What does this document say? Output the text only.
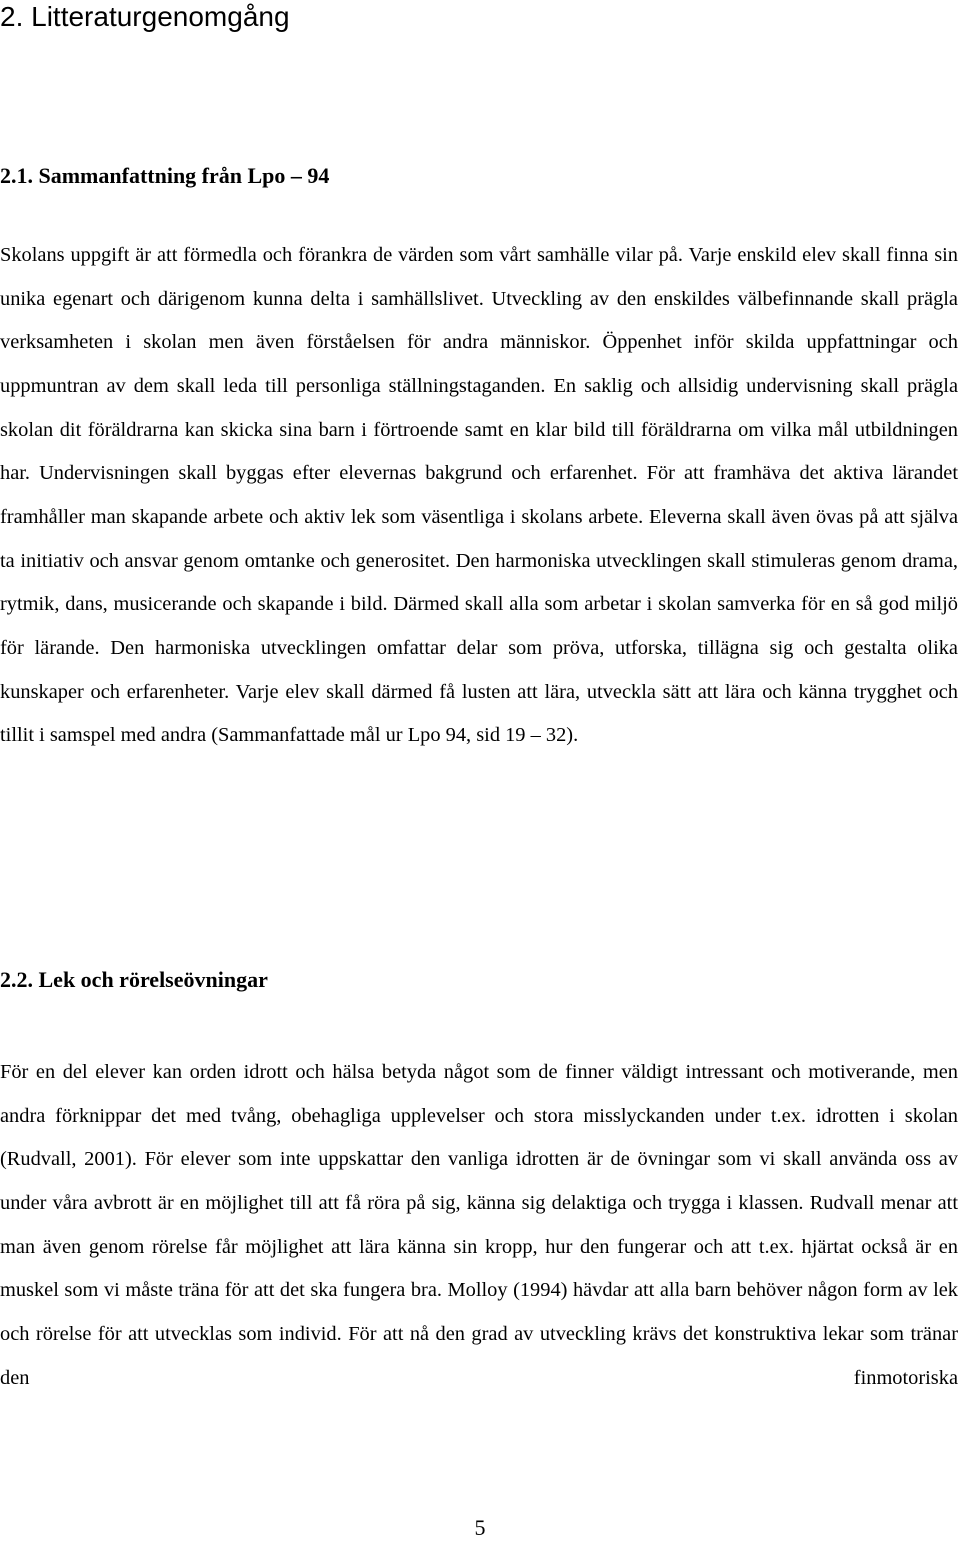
2. Litteraturgenomgång
2.1. Sammanfattning från Lpo – 94

Skolans uppgift är att förmedla och förankra de värden som vårt samhälle vilar på. Varje enskild elev skall finna sin unika egenart och därigenom kunna delta i samhällslivet. Utveckling av den enskildes välbefinnande skall prägla verksamheten i skolan men även förståelsen för andra människor. Öppenhet inför skilda uppfattningar och uppmuntran av dem skall leda till personliga ställningstaganden. En saklig och allsidig undervisning skall prägla skolan dit föräldrarna kan skicka sina barn i förtroende samt en klar bild till föräldrarna om vilka mål utbildningen har. Undervisningen skall byggas efter elevernas bakgrund och erfarenhet. För att framhäva det aktiva lärandet framhåller man skapande arbete och aktiv lek som väsentliga i skolans arbete. Eleverna skall även övas på att själva ta initiativ och ansvar genom omtanke och generositet. Den harmoniska utvecklingen skall stimuleras genom drama, rytmik, dans, musicerande och skapande i bild. Därmed skall alla som arbetar i skolan samverka för en så god miljö för lärande. Den harmoniska utvecklingen omfattar delar som pröva, utforska, tillägna sig och gestalta olika kunskaper och erfarenheter. Varje elev skall därmed få lusten att lära, utveckla sätt att lära och känna trygghet och tillit i samspel med andra (Sammanfattade mål ur Lpo 94, sid 19 – 32).

2.2. Lek och rörelseövningar

För en del elever kan orden idrott och hälsa betyda något som de finner väldigt intressant och motiverande, men andra förknippar det med tvång, obehagliga upplevelser och stora misslyckanden under t.ex. idrotten i skolan (Rudvall, 2001). För elever som inte uppskattar den vanliga idrotten är de övningar som vi skall använda oss av under våra avbrott är en möjlighet till att få röra på sig, känna sig delaktiga och trygga i klassen. Rudvall menar att man även genom rörelse får möjlighet att lära känna sin kropp, hur den fungerar och att t.ex. hjärtat också är en muskel som vi måste träna för att det ska fungera bra. Molloy (1994) hävdar att alla barn behöver någon form av lek och rörelse för att utvecklas som individ. För att nå den grad av utveckling krävs det konstruktiva lekar som tränar den finmotoriska

5
